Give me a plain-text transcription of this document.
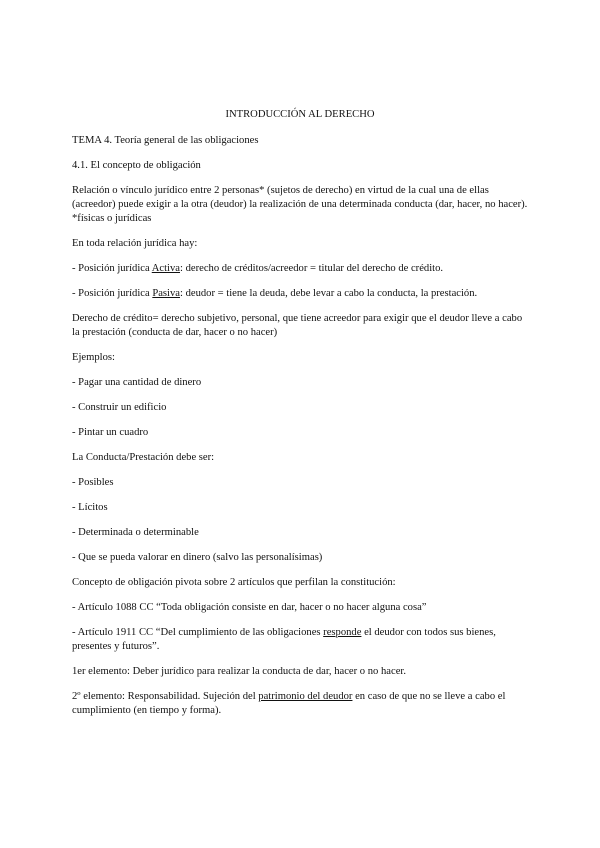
INTRODUCCIÓN AL DERECHO

TEMA 4. Teoría general de las obligaciones

4.1. El concepto de obligación

Relación o vínculo jurídico entre 2 personas* (sujetos de derecho) en virtud de la cual una de ellas (acreedor) puede exigir a la otra (deudor) la realización de una determinada conducta (dar, hacer, no hacer). *físicas o jurídicas

En toda relación jurídica hay:

- Posición jurídica Activa: derecho de créditos/acreedor = titular del derecho de crédito.

- Posición jurídica Pasiva: deudor = tiene la deuda, debe levar a cabo la conducta, la prestación.

Derecho de crédito= derecho subjetivo, personal, que tiene acreedor para exigir que el deudor lleve a cabo la prestación (conducta de dar, hacer o no hacer)

Ejemplos:

- Pagar una cantidad de dinero

- Construir un edificio

- Pintar un cuadro

La Conducta/Prestación debe ser:

- Posibles

- Lícitos

- Determinada o determinable

- Que se pueda valorar en dinero (salvo las personalísimas)

Concepto de obligación pivota sobre 2 artículos que perfilan la constitución:

- Artículo 1088 CC “Toda obligación consiste en dar, hacer o no hacer alguna cosa”

- Artículo 1911 CC “Del cumplimiento de las obligaciones responde el deudor con todos sus bienes, presentes y futuros”.

1er elemento: Deber jurídico para realizar la conducta de dar, hacer o no hacer.

2º elemento: Responsabilidad. Sujeción del patrimonio del deudor en caso de que no se lleve a cabo el cumplimiento (en tiempo y forma).
